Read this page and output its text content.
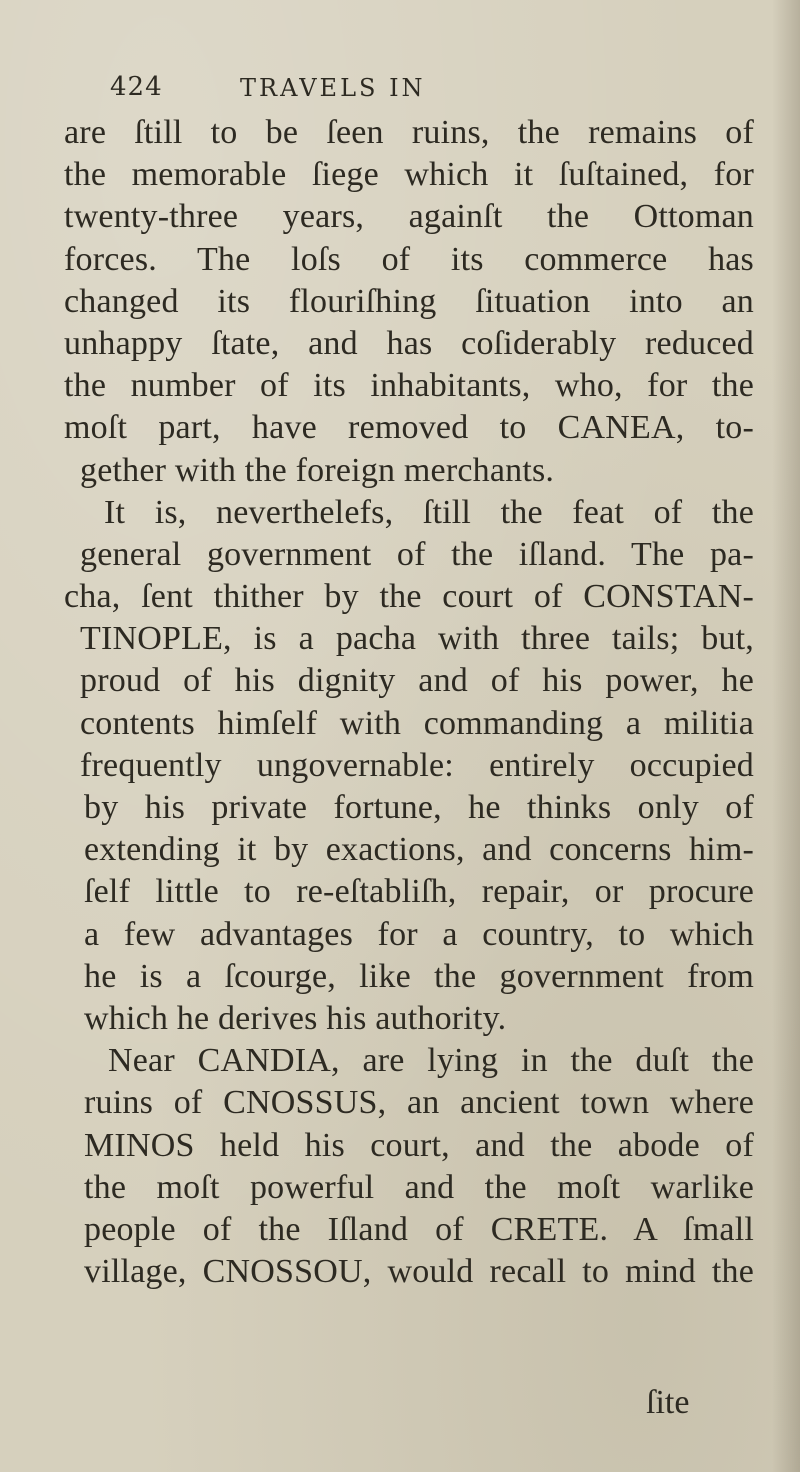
424	TRAVELS IN
are ſtill to be ſeen ruins, the remains of
the memorable ſiege which it ſuſtained, for
twenty-three years, againſt the Ottoman
forces. The loſs of its commerce has
changed its flouriſhing ſituation into an
unhappy ſtate, and has coſiderably reduced
the number of its inhabitants, who, for the
moſt part, have removed to CANEA, to-
gether with the foreign merchants.
It is, neverthelefs, ſtill the feat of the
general government of the iſland. The pa-
cha, ſent thither by the court of CONSTAN-
TINOPLE, is a pacha with three tails; but,
proud of his dignity and of his power, he
contents himſelf with commanding a militia
frequently ungovernable: entirely occupied
by his private fortune, he thinks only of
extending it by exactions, and concerns him-
ſelf little to re-eſtabliſh, repair, or procure
a few advantages for a country, to which
he is a ſcourge, like the government from
which he derives his authority.
Near CANDIA, are lying in the duſt the
ruins of CNOSSUS, an ancient town where
MINOS held his court, and the abode of
the moſt powerful and the moſt warlike
people of the Iſland of CRETE. A ſmall
village, CNOSSOU, would recall to mind the
ſite
